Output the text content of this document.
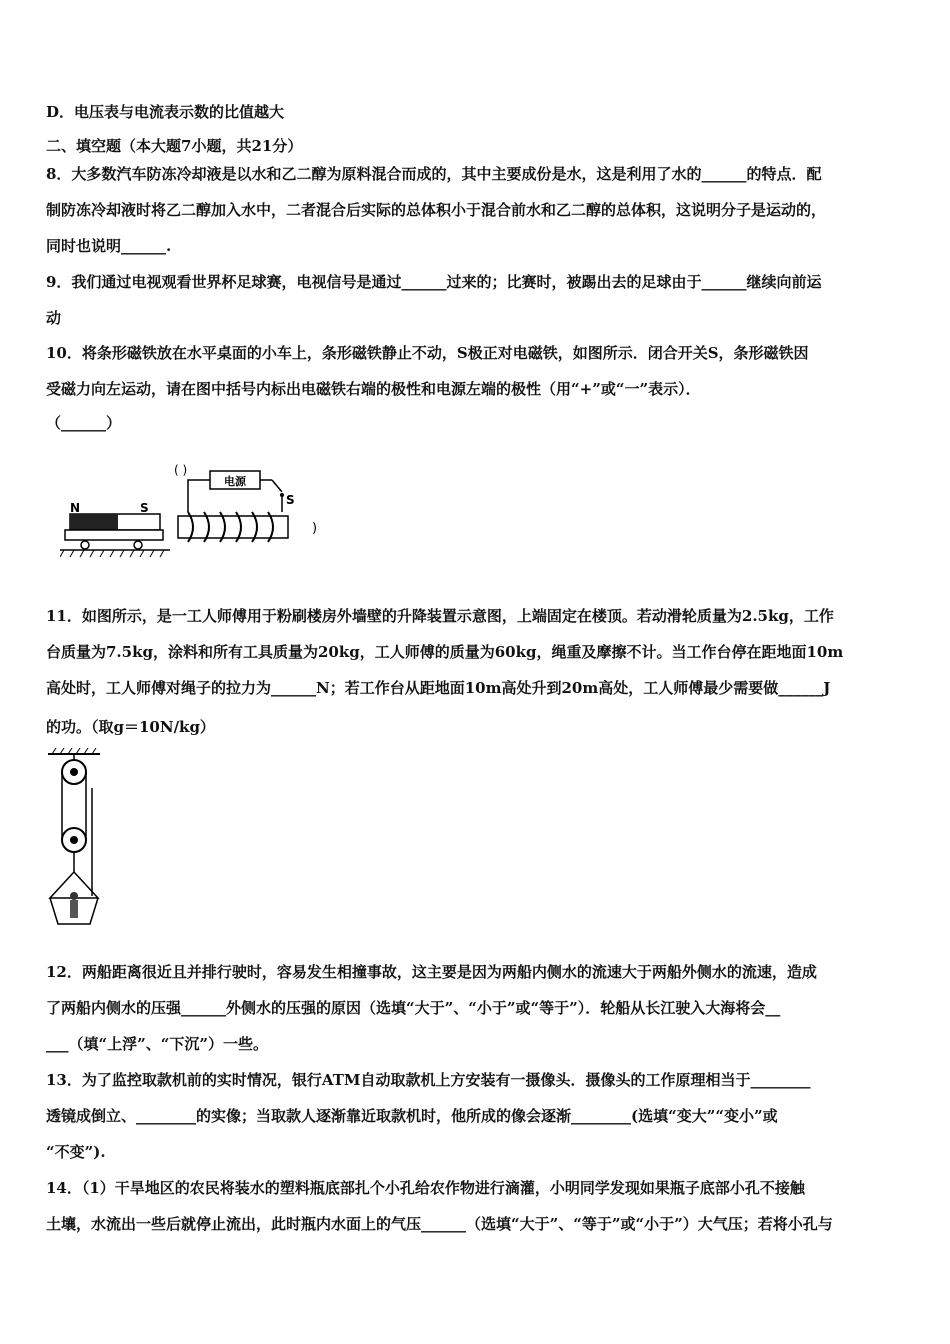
D．电压表与电流表示数的比值越大
二、填空题（本大题7小题，共21分）
8．大多数汽车防冻冷却液是以水和乙二醇为原料混合而成的，其中主要成份是水，这是利用了水的______的特点．配
制防冻冷却液时将乙二醇加入水中，二者混合后实际的总体积小于混合前水和乙二醇的总体积，这说明分子是运动的，
同时也说明______.
9．我们通过电视观看世界杯足球赛，电视信号是通过______过来的；比赛时，被踢出去的足球由于______继续向前运
动
10．将条形磁铁放在水平桌面的小车上，条形磁铁静止不动，S极正对电磁铁，如图所示．闭合开关S，条形磁铁因
受磁力向左运动，请在图中括号内标出电磁铁右端的极性和电源左端的极性（用“+”或“一”表示）．
（______）
N	S
电源
S
( )
)
11．如图所示，是一工人师傅用于粉刷楼房外墙壁的升降装置示意图，上端固定在楼顶。若动滑轮质量为2.5kg，工作
台质量为7.5kg，涂料和所有工具质量为20kg，工人师傅的质量为60kg，绳重及摩擦不计。当工作台停在距地面10m
高处时，工人师傅对绳子的拉力为______N；若工作台从距地面10m高处升到20m高处，工人师傅最少需要做______J
的功。（取g＝10N/kg）
12．两船距离很近且并排行驶时，容易发生相撞事故，这主要是因为两船内侧水的流速大于两船外侧水的流速，造成
了两船内侧水的压强______外侧水的压强的原因（选填“大于”、“小于”或“等于”）．轮船从长江驶入大海将会__
___（填“上浮”、“下沉”）一些。
13．为了监控取款机前的实时情况，银行ATM自动取款机上方安装有一摄像头．摄像头的工作原理相当于________
透镜成倒立、________的实像；当取款人逐渐靠近取款机时，他所成的像会逐渐________(选填“变大”“变小”或
“不变”).
14．（1）干旱地区的农民将装水的塑料瓶底部扎个小孔给农作物进行滴灌，小明同学发现如果瓶子底部小孔不接触
土壤，水流出一些后就停止流出，此时瓶内水面上的气压______（选填“大于”、“等于”或“小于”）大气压；若将小孔与
